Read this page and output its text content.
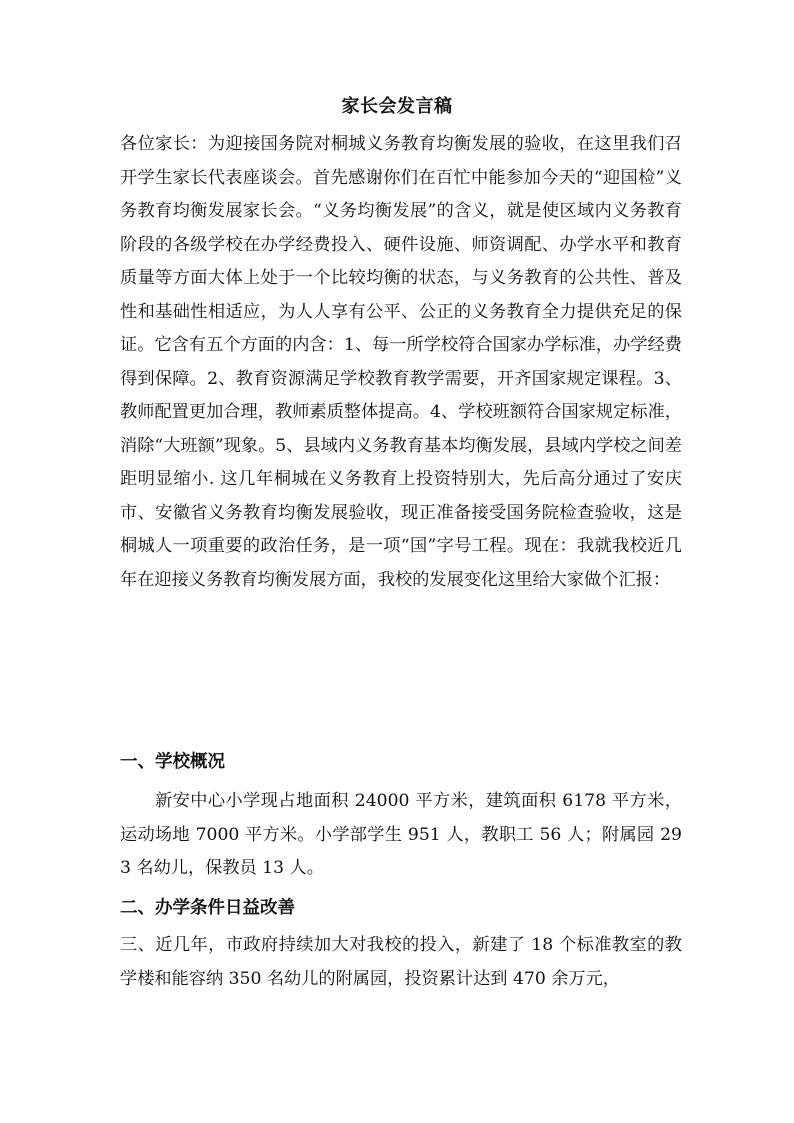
家长会发言稿
各位家长：为迎接国务院对桐城义务教育均衡发展的验收，在这里我们召开学生家长代表座谈会。首先感谢你们在百忙中能参加今天的“迎国检”义务教育均衡发展家长会。“义务均衡发展”的含义，就是使区域内义务教育阶段的各级学校在办学经费投入、硬件设施、师资调配、办学水平和教育质量等方面大体上处于一个比较均衡的状态，与义务教育的公共性、普及性和基础性相适应，为人人享有公平、公正的义务教育全力提供充足的保证。它含有五个方面的内含：1、每一所学校符合国家办学标准，办学经费得到保障。2、教育资源满足学校教育教学需要，开齐国家规定课程。3、教师配置更加合理，教师素质整体提高。4、学校班额符合国家规定标准，消除“大班额”现象。5、县域内义务教育基本均衡发展，县域内学校之间差距明显缩小. 这几年桐城在义务教育上投资特别大，先后高分通过了安庆市、安徽省义务教育均衡发展验收，现正准备接受国务院检查验收，这是桐城人一项重要的政治任务，是一项“国”字号工程。现在：我就我校近几年在迎接义务教育均衡发展方面，我校的发展变化这里给大家做个汇报：
一、学校概况
新安中心小学现占地面积 24000 平方米，建筑面积 6178 平方米，运动场地 7000 平方米。小学部学生 951 人，教职工 56 人；附属园 293 名幼儿，保教员 13 人。
二、办学条件日益改善
三、近几年，市政府持续加大对我校的投入，新建了 18 个标准教室的教学楼和能容纳 350 名幼儿的附属园，投资累计达到 470 余万元，
